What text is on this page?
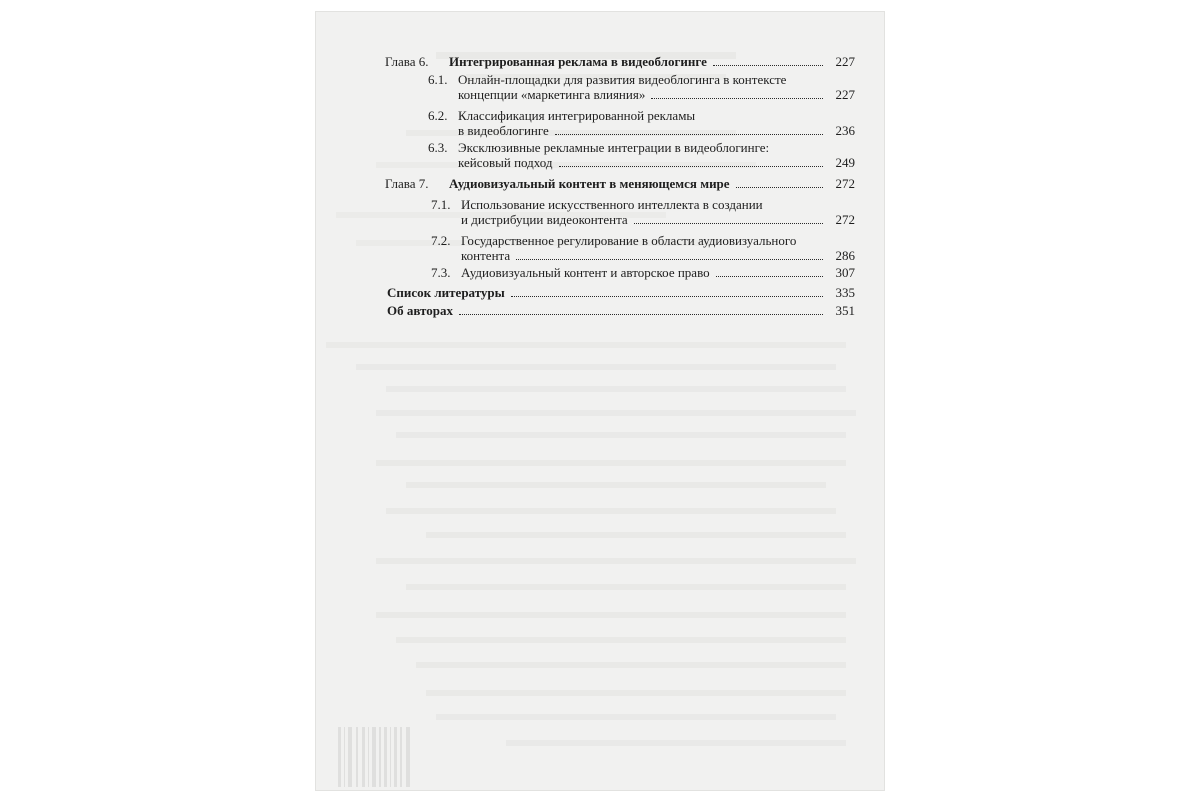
Глава 6.	Интегрированная реклама в видеоблогинге	227
6.1. Онлайн-площадки для развития видеоблогинга в контексте
концепции «маркетинга влияния»	227
6.2. Классификация интегрированной рекламы
в видеоблогинге	236
6.3. Эксклюзивные рекламные интеграции в видеоблогинге:
кейсовый подход	249
Глава 7.	Аудиовизуальный контент в меняющемся мире	272
7.1. Использование искусственного интеллекта в создании
и дистрибуции видеоконтента	272
7.2. Государственное регулирование в области аудиовизуального
контента	286
7.3. Аудиовизуальный контент и авторское право	307
Список литературы	335
Об авторах	351
